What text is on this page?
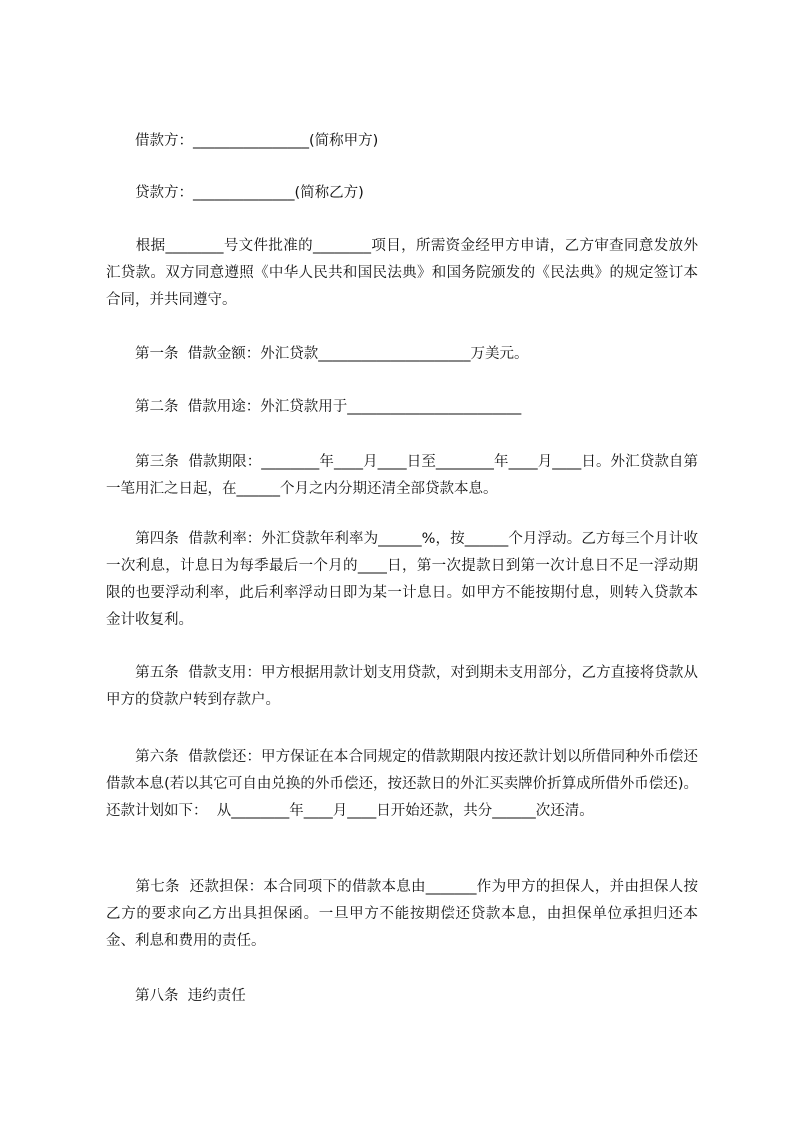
　　借款方：________________(简称甲方)

　　贷款方：______________(简称乙方)

　　根据________号文件批准的________项目，所需资金经甲方申请，乙方审查同意发放外汇贷款。双方同意遵照《中华人民共和国民法典》和国务院颁发的《民法典》的规定签订本合同，并共同遵守。

　　第一条  借款金额：外汇贷款_____________________万美元。

　　第二条  借款用途：外汇贷款用于________________________

　　第三条  借款期限：________年____月____日至________年____月____日。外汇贷款自第一笔用汇之日起，在______个月之内分期还清全部贷款本息。

　　第四条  借款利率：外汇贷款年利率为______%，按______个月浮动。乙方每三个月计收一次利息，计息日为每季最后一个月的____日，第一次提款日到第一次计息日不足一浮动期限的也要浮动利率，此后利率浮动日即为某一计息日。如甲方不能按期付息，则转入贷款本金计收复利。

　　第五条  借款支用：甲方根据用款计划支用贷款，对到期未支用部分，乙方直接将贷款从甲方的贷款户转到存款户。

　　第六条  借款偿还：甲方保证在本合同规定的借款期限内按还款计划以所借同种外币偿还借款本息(若以其它可自由兑换的外币偿还，按还款日的外汇买卖牌价折算成所借外币偿还)。还款计划如下：  从________年____月____日开始还款，共分______次还清。

　　第七条  还款担保：本合同项下的借款本息由_______作为甲方的担保人，并由担保人按乙方的要求向乙方出具担保函。一旦甲方不能按期偿还贷款本息，由担保单位承担归还本金、利息和费用的责任。

　　第八条  违约责任
